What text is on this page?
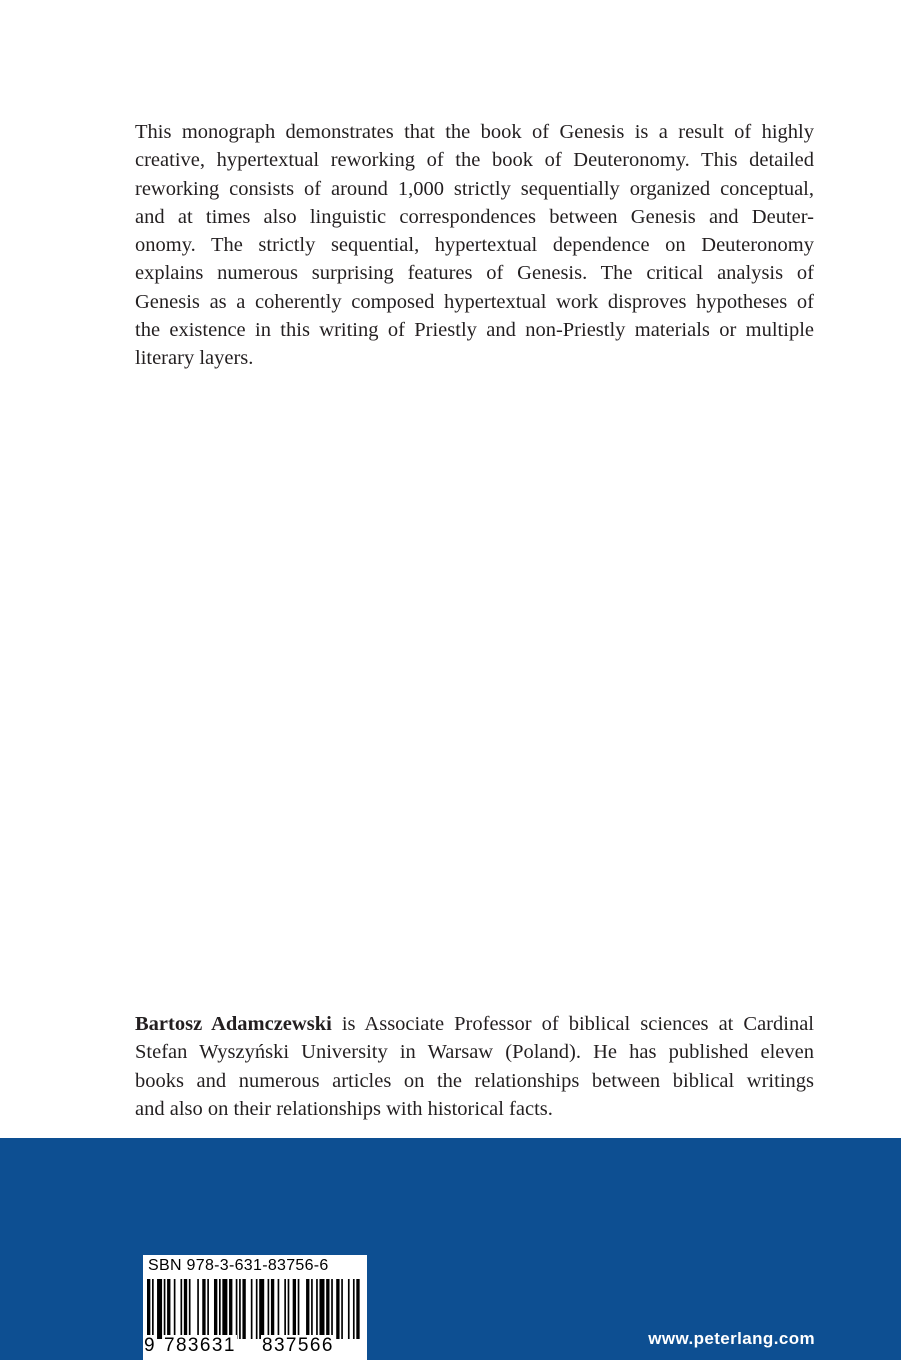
This monograph demonstrates that the book of Genesis is a result of highly
creative, hypertextual reworking of the book of Deuteronomy. This detailed
reworking consists of around 1,000 strictly sequentially organized conceptual,
and at times also linguistic correspondences between Genesis and Deuter-
onomy. The strictly sequential, hypertextual dependence on Deuteronomy
explains numerous surprising features of Genesis. The critical analysis of
Genesis as a coherently composed hypertextual work disproves hypotheses of
the existence in this writing of Priestly and non-Priestly materials or multiple
literary layers.
Bartosz Adamczewski is Associate Professor of biblical sciences at Cardinal
Stefan Wyszyński University in Warsaw (Poland). He has published eleven
books and numerous articles on the relationships between biblical writings
and also on their relationships with historical facts.
SBN 978-3-631-83756-6
9 783631 837566	www.peterlang.com
